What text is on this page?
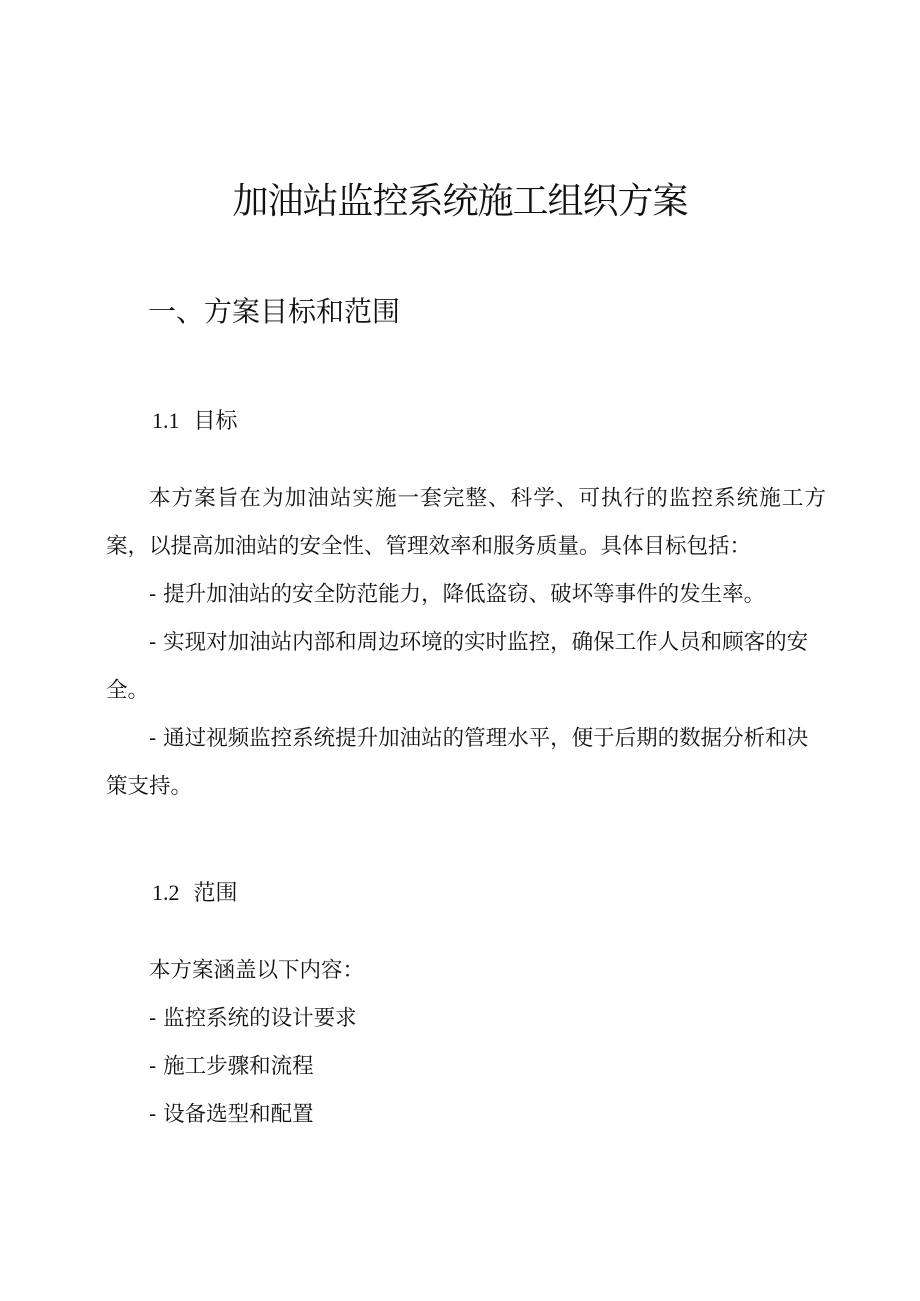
加油站监控系统施工组织方案
一、方案目标和范围
1.1 目标

本方案旨在为加油站实施一套完整、科学、可执行的监控系统施工方案，以提高加油站的安全性、管理效率和服务质量。具体目标包括：

- 提升加油站的安全防范能力，降低盗窃、破坏等事件的发生率。

- 实现对加油站内部和周边环境的实时监控，确保工作人员和顾客的安全。

- 通过视频监控系统提升加油站的管理水平，便于后期的数据分析和决策支持。

1.2 范围

本方案涵盖以下内容：

- 监控系统的设计要求

- 施工步骤和流程

- 设备选型和配置
